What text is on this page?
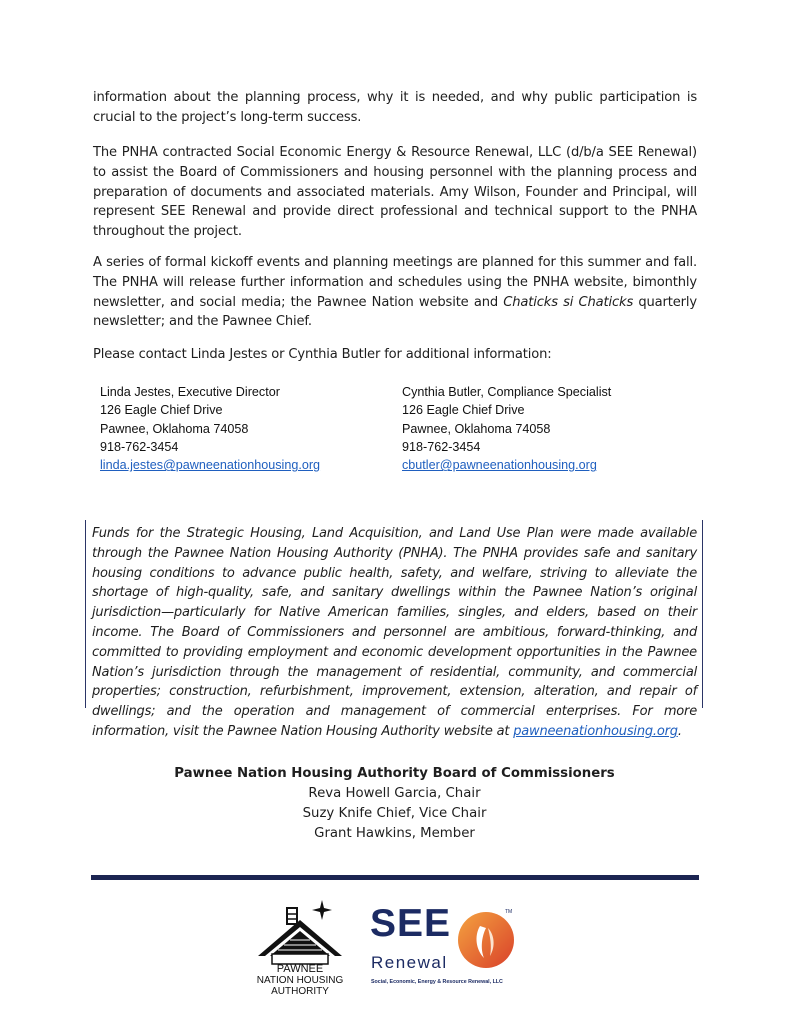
information about the planning process, why it is needed, and why public participation is crucial to the project’s long-term success.

The PNHA contracted Social Economic Energy & Resource Renewal, LLC (d/b/a SEE Renewal) to assist the Board of Commissioners and housing personnel with the planning process and preparation of documents and associated materials. Amy Wilson, Founder and Principal, will represent SEE Renewal and provide direct professional and technical support to the PNHA throughout the project.

A series of formal kickoff events and planning meetings are planned for this summer and fall. The PNHA will release further information and schedules using the PNHA website, bimonthly newsletter, and social media; the Pawnee Nation website and Chaticks si Chaticks quarterly newsletter; and the Pawnee Chief.

Please contact Linda Jestes or Cynthia Butler for additional information:

Linda Jestes, Executive Director
126 Eagle Chief Drive
Pawnee, Oklahoma 74058
918-762-3454
linda.jestes@pawneenationhousing.org
Cynthia Butler, Compliance Specialist
126 Eagle Chief Drive
Pawnee, Oklahoma 74058
918-762-3454
cbutler@pawneenationhousing.org

Funds for the Strategic Housing, Land Acquisition, and Land Use Plan were made available through the Pawnee Nation Housing Authority (PNHA). The PNHA provides safe and sanitary housing conditions to advance public health, safety, and welfare, striving to alleviate the shortage of high-quality, safe, and sanitary dwellings within the Pawnee Nation’s original jurisdiction—particularly for Native American families, singles, and elders, based on their income. The Board of Commissioners and personnel are ambitious, forward-thinking, and committed to providing employment and economic development opportunities in the Pawnee Nation’s jurisdiction through the management of residential, community, and commercial properties; construction, refurbishment, improvement, extension, alteration, and repair of dwellings; and the operation and management of commercial enterprises. For more information, visit the Pawnee Nation Housing Authority website at pawneenationhousing.org.

Pawnee Nation Housing Authority Board of Commissioners
Reva Howell Garcia, Chair
Suzy Knife Chief, Vice Chair
Grant Hawkins, Member
PAWNEE
NATION HOUSING
AUTHORITY
SEE
Renewal
Social, Economic, Energy & Resource Renewal, LLC
TM
